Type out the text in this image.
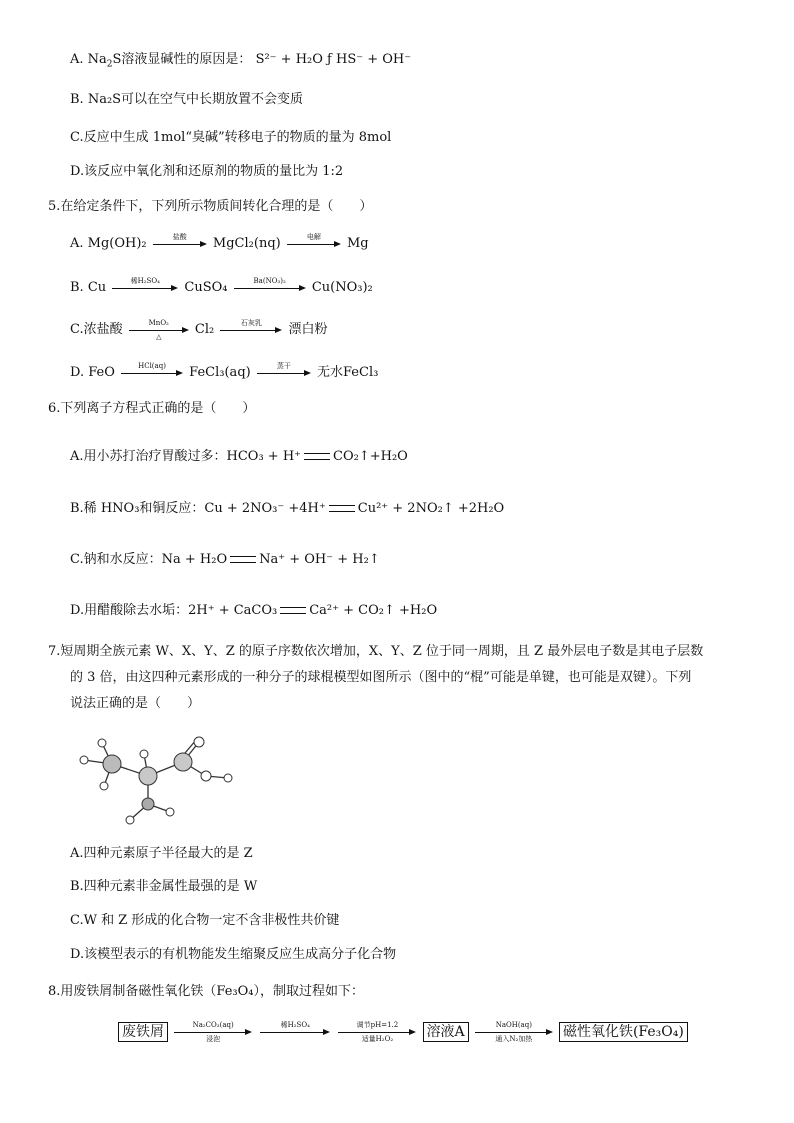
A. $Na_2S$溶液显碱性的原因是： S²⁻ + H₂O ƒ HS⁻ + OH⁻
B. Na₂S可以在空气中长期放置不会变质
C.反应中生成 1mol“臭碱”转移电子的物质的量为 8mol
D.该反应中氧化剂和还原剂的物质的量比为 1:2
5.在给定条件下，下列所示物质间转化合理的是（　　）
A. Mg(OH)₂	盐酸	MgCl₂(nq)	电解	Mg
B. Cu	稀H₂SO₄	CuSO₄	Ba(NO₃)₂	Cu(NO₃)₂
C.浓盐酸	MnO₂
△	Cl₂	石灰乳	漂白粉
D. FeO	HCl(aq)	FeCl₃(aq)	蒸干	无水FeCl₃
6.下列离子方程式正确的是（　　）
A.用小苏打治疗胃酸过多：HCO₃ + H⁺ CO₂↑+H₂O
B.稀 HNO₃和铜反应：Cu + 2NO₃⁻ +4H⁺ Cu²⁺ + 2NO₂↑ +2H₂O
C.钠和水反应：Na + H₂O Na⁺ + OH⁻ + H₂↑
D.用醋酸除去水垢：2H⁺ + CaCO₃ Ca²⁺ + CO₂↑ +H₂O
7.短周期全族元素 W、X、Y、Z 的原子序数依次增加，X、Y、Z 位于同一周期，且 Z 最外层电子数是其电子层数
的 3 倍，由这四种元素形成的一种分子的球棍模型如图所示（图中的“棍”可能是单键，也可能是双键）。下列
说法正确的是（　　）
A.四种元素原子半径最大的是 Z
B.四种元素非金属性最强的是 W
C.W 和 Z 形成的化合物一定不含非极性共价键
D.该模型表示的有机物能发生缩聚反应生成高分子化合物
8.用废铁屑制备磁性氧化铁（Fe₃O₄），制取过程如下：
废铁屑	Na₂CO₃(aq)
浸泡

稀H₂SO₄
	调节pH=1.2
适量H₂O₂	溶液A	NaOH(aq)
通入N₂加热	磁性氧化铁(Fe₃O₄)
